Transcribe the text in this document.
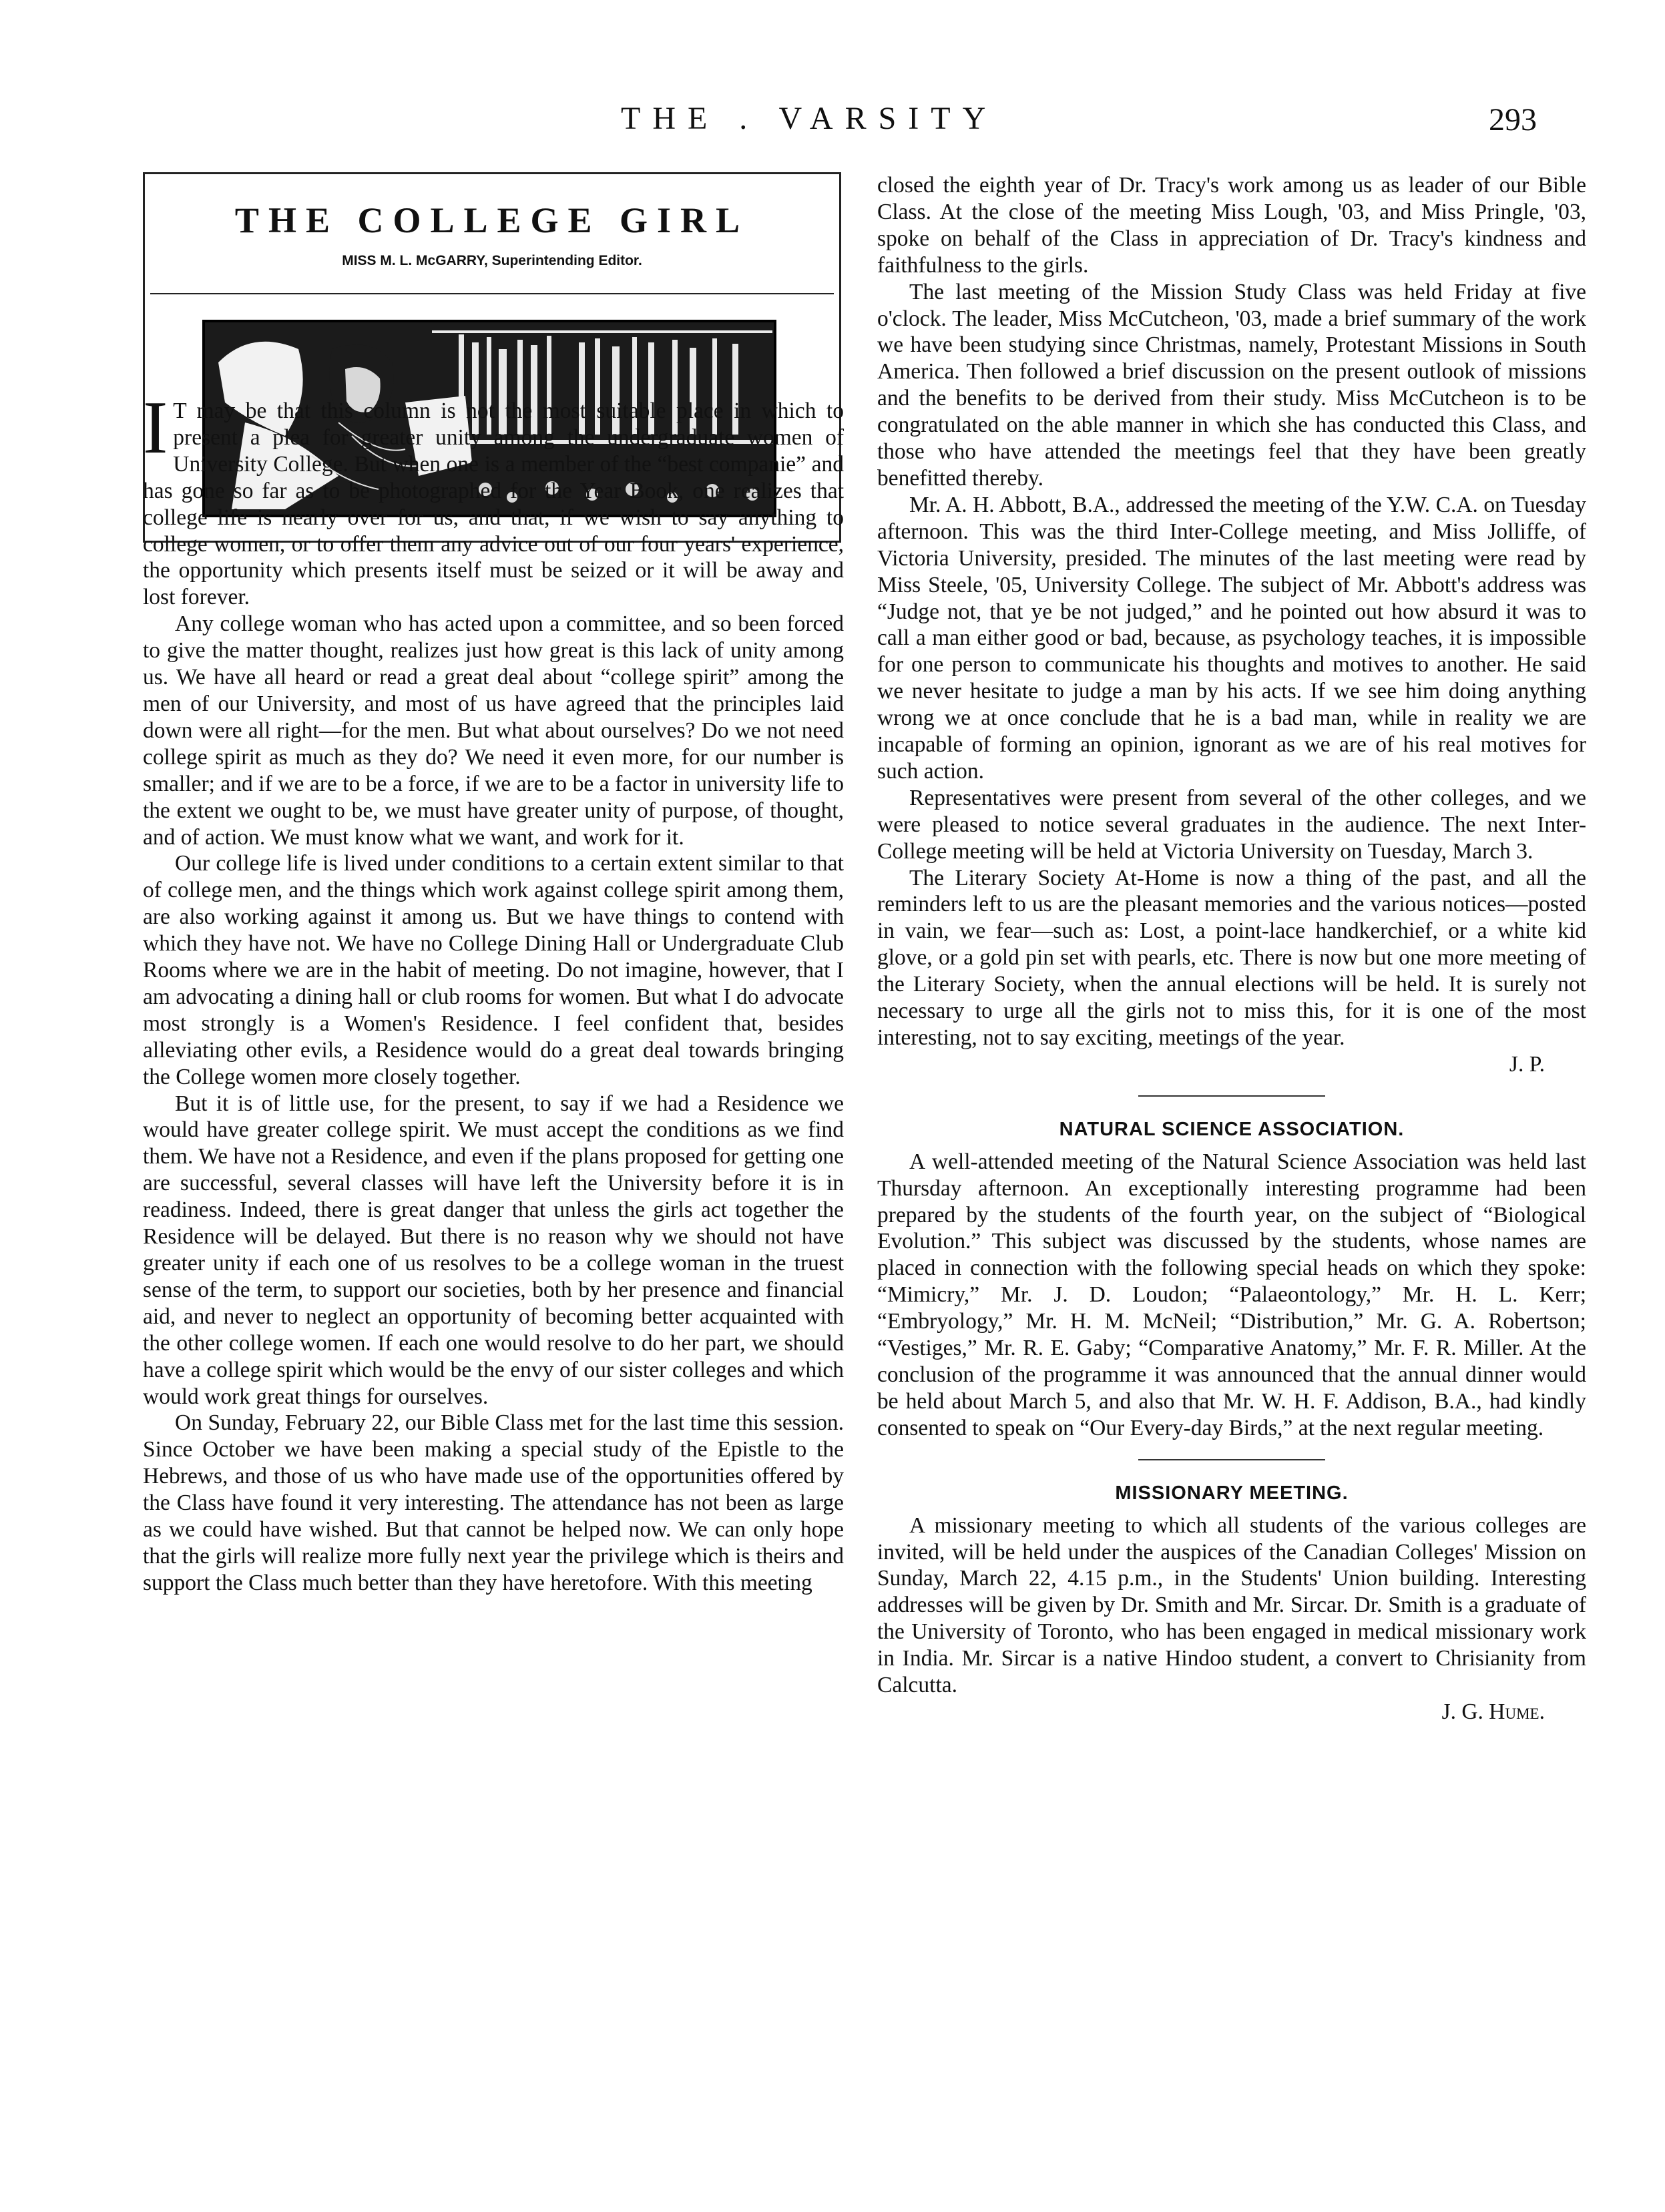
THE . VARSITY	293
THE COLLEGE GIRL
MISS M. L. McGARRY, Superintending Editor.

I T may be that this column is not the most suitable place in which to present a plea for greater unity among the undergraduate women of University College. But when one is a member of the “best companie” and has gone so far as to be photographed for the Year Book, one realizes that college life is nearly over for us, and that, if we wish to say anything to college women, or to offer them any advice out of our four years' experience, the opportunity which presents itself must be seized or it will be away and lost forever.

Any college woman who has acted upon a committee, and so been forced to give the matter thought, realizes just how great is this lack of unity among us. We have all heard or read a great deal about “college spirit” among the men of our University, and most of us have agreed that the principles laid down were all right—for the men. But what about ourselves? Do we not need college spirit as much as they do? We need it even more, for our number is smaller; and if we are to be a force, if we are to be a factor in university life to the extent we ought to be, we must have greater unity of purpose, of thought, and of action. We must know what we want, and work for it.

Our college life is lived under conditions to a certain extent similar to that of college men, and the things which work against college spirit among them, are also working against it among us. But we have things to contend with which they have not. We have no College Dining Hall or Undergraduate Club Rooms where we are in the habit of meeting. Do not imagine, however, that I am advocating a dining hall or club rooms for women. But what I do advocate most strongly is a Women's Residence. I feel confident that, besides alleviating other evils, a Residence would do a great deal towards bringing the College women more closely together.

But it is of little use, for the present, to say if we had a Residence we would have greater college spirit. We must accept the conditions as we find them. We have not a Residence, and even if the plans proposed for getting one are successful, several classes will have left the University before it is in readiness. Indeed, there is great danger that unless the girls act together the Residence will be delayed. But there is no reason why we should not have greater unity if each one of us resolves to be a college woman in the truest sense of the term, to support our societies, both by her presence and financial aid, and never to neglect an opportunity of becoming better acquainted with the other college women. If each one would resolve to do her part, we should have a college spirit which would be the envy of our sister colleges and which would work great things for ourselves.

On Sunday, February 22, our Bible Class met for the last time this session. Since October we have been making a special study of the Epistle to the Hebrews, and those of us who have made use of the opportunities offered by the Class have found it very interesting. The attendance has not been as large as we could have wished. But that cannot be helped now. We can only hope that the girls will realize more fully next year the privilege which is theirs and support the Class much better than they have heretofore. With this meeting

closed the eighth year of Dr. Tracy's work among us as leader of our Bible Class. At the close of the meeting Miss Lough, '03, and Miss Pringle, '03, spoke on behalf of the Class in appreciation of Dr. Tracy's kindness and faithfulness to the girls.

The last meeting of the Mission Study Class was held Friday at five o'clock. The leader, Miss McCutcheon, '03, made a brief summary of the work we have been studying since Christmas, namely, Protestant Missions in South America. Then followed a brief discussion on the present outlook of missions and the benefits to be derived from their study. Miss McCutcheon is to be congratulated on the able manner in which she has conducted this Class, and those who have attended the meetings feel that they have been greatly benefitted thereby.

Mr. A. H. Abbott, B.A., addressed the meeting of the Y.W. C.A. on Tuesday afternoon. This was the third Inter-College meeting, and Miss Jolliffe, of Victoria University, presided. The minutes of the last meeting were read by Miss Steele, '05, University College. The subject of Mr. Abbott's address was “Judge not, that ye be not judged,” and he pointed out how absurd it was to call a man either good or bad, because, as psychology teaches, it is impossible for one person to communicate his thoughts and motives to another. He said we never hesitate to judge a man by his acts. If we see him doing anything wrong we at once conclude that he is a bad man, while in reality we are incapable of forming an opinion, ignorant as we are of his real motives for such action.

Representatives were present from several of the other colleges, and we were pleased to notice several graduates in the audience. The next Inter-College meeting will be held at Victoria University on Tuesday, March 3.

The Literary Society At-Home is now a thing of the past, and all the reminders left to us are the pleasant memories and the various notices—posted in vain, we fear—such as: Lost, a point-lace handkerchief, or a white kid glove, or a gold pin set with pearls, etc. There is now but one more meeting of the Literary Society, when the annual elections will be held. It is surely not necessary to urge all the girls not to miss this, for it is one of the most interesting, not to say exciting, meetings of the year.

J. P.

NATURAL SCIENCE ASSOCIATION.

A well-attended meeting of the Natural Science Association was held last Thursday afternoon. An exceptionally interesting programme had been prepared by the students of the fourth year, on the subject of “Biological Evolution.” This subject was discussed by the students, whose names are placed in connection with the following special heads on which they spoke: “Mimicry,” Mr. J. D. Loudon; “Palaeontology,” Mr. H. L. Kerr; “Embryology,” Mr. H. M. McNeil; “Distribution,” Mr. G. A. Robertson; “Vestiges,” Mr. R. E. Gaby; “Comparative Anatomy,” Mr. F. R. Miller. At the conclusion of the programme it was announced that the annual dinner would be held about March 5, and also that Mr. W. H. F. Addison, B.A., had kindly consented to speak on “Our Every-day Birds,” at the next regular meeting.

MISSIONARY MEETING.

A missionary meeting to which all students of the various colleges are invited, will be held under the auspices of the Canadian Colleges' Mission on Sunday, March 22, 4.15 p.m., in the Students' Union building. Interesting addresses will be given by Dr. Smith and Mr. Sircar. Dr. Smith is a graduate of the University of Toronto, who has been engaged in medical missionary work in India. Mr. Sircar is a native Hindoo student, a convert to Chrisianity from Calcutta.

J. G. Hume.
